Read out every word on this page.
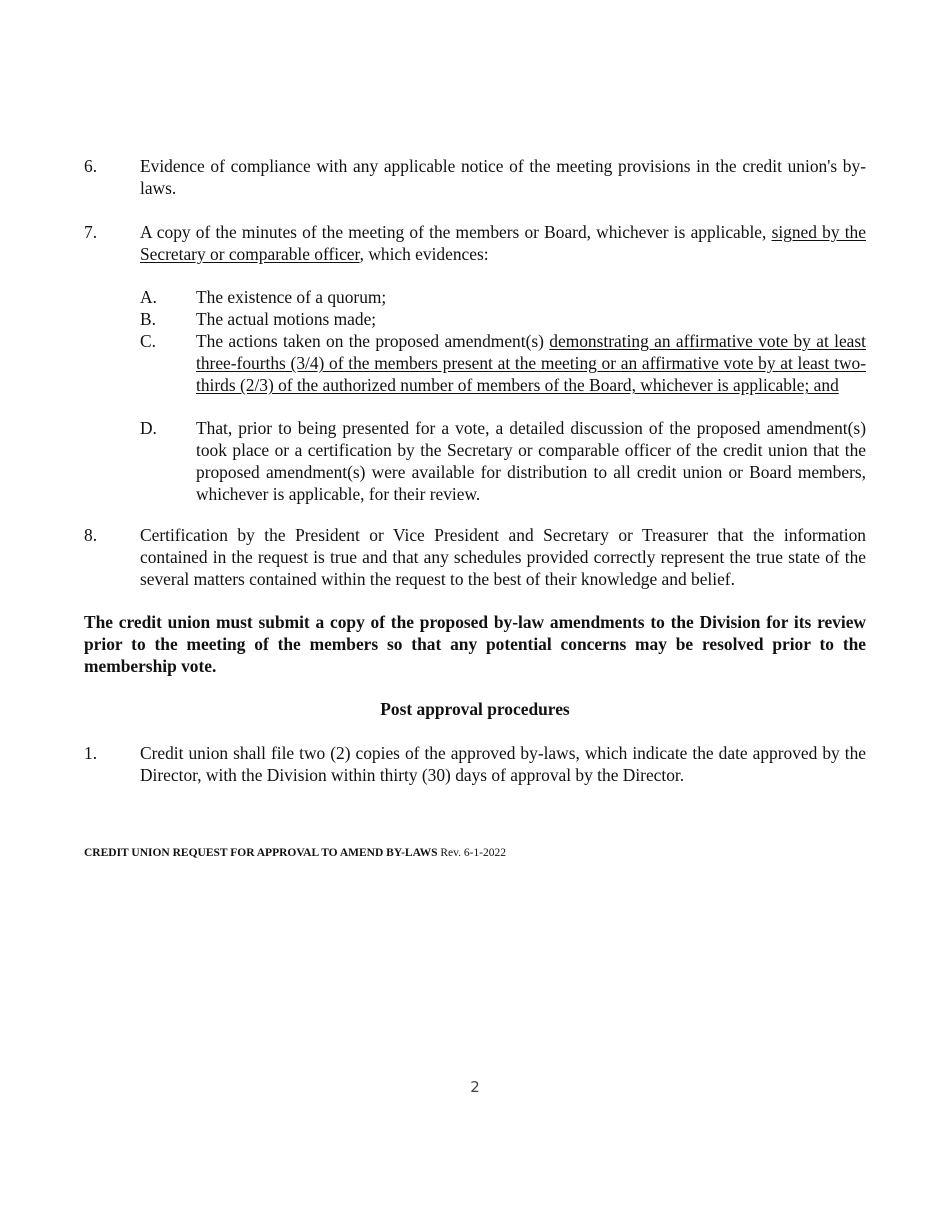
6. Evidence of compliance with any applicable notice of the meeting provisions in the credit union's by-laws.
7. A copy of the minutes of the meeting of the members or Board, whichever is applicable, signed by the Secretary or comparable officer, which evidences:
A. The existence of a quorum;
B. The actual motions made;
C. The actions taken on the proposed amendment(s) demonstrating an affirmative vote by at least three-fourths (3/4) of the members present at the meeting or an affirmative vote by at least two-thirds (2/3) of the authorized number of members of the Board, whichever is applicable; and
D. That, prior to being presented for a vote, a detailed discussion of the proposed amendment(s) took place or a certification by the Secretary or comparable officer of the credit union that the proposed amendment(s) were available for distribution to all credit union or Board members, whichever is applicable, for their review.
8. Certification by the President or Vice President and Secretary or Treasurer that the information contained in the request is true and that any schedules provided correctly represent the true state of the several matters contained within the request to the best of their knowledge and belief.
The credit union must submit a copy of the proposed by-law amendments to the Division for its review prior to the meeting of the members so that any potential concerns may be resolved prior to the membership vote.
Post approval procedures
1. Credit union shall file two (2) copies of the approved by-laws, which indicate the date approved by the Director, with the Division within thirty (30) days of approval by the Director.
CREDIT UNION REQUEST FOR APPROVAL TO AMEND BY-LAWS Rev. 6-1-2022
2
